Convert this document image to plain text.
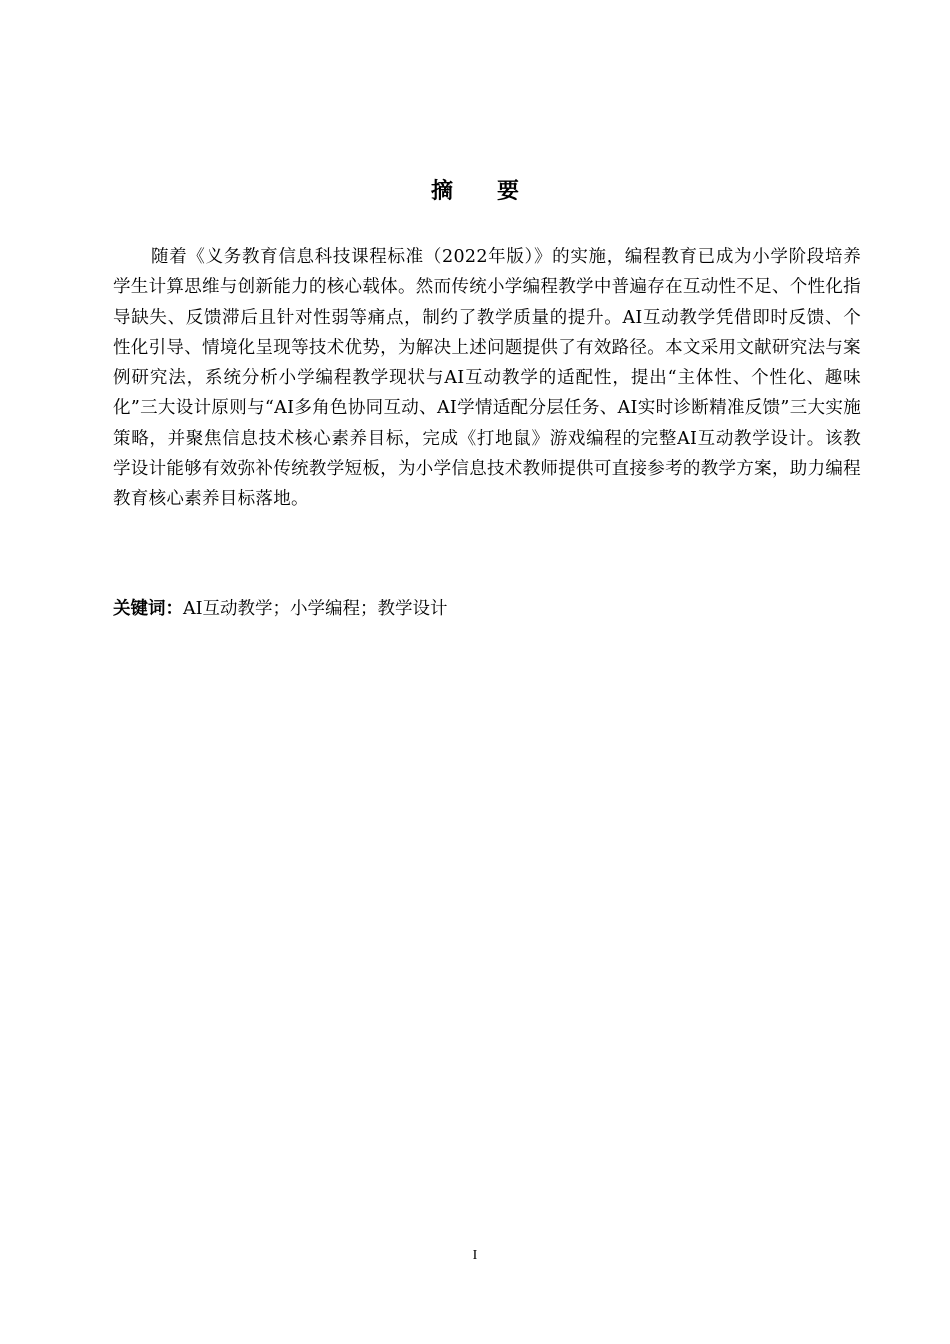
摘要

随着《义务教育信息科技课程标准（2022年版）》的实施，编程教育已成为小学阶段培养学生计算思维与创新能力的核心载体。然而传统小学编程教学中普遍存在互动性不足、个性化指导缺失、反馈滞后且针对性弱等痛点，制约了教学质量的提升。AI互动教学凭借即时反馈、个性化引导、情境化呈现等技术优势，为解决上述问题提供了有效路径。本文采用文献研究法与案例研究法，系统分析小学编程教学现状与AI互动教学的适配性，提出“主体性、个性化、趣味化”三大设计原则与“AI多角色协同互动、AI学情适配分层任务、AI实时诊断精准反馈”三大实施策略，并聚焦信息技术核心素养目标，完成《打地鼠》游戏编程的完整AI互动教学设计。该教学设计能够有效弥补传统教学短板，为小学信息技术教师提供可直接参考的教学方案，助力编程教育核心素养目标落地。

关键词：AI互动教学；小学编程；教学设计

I
